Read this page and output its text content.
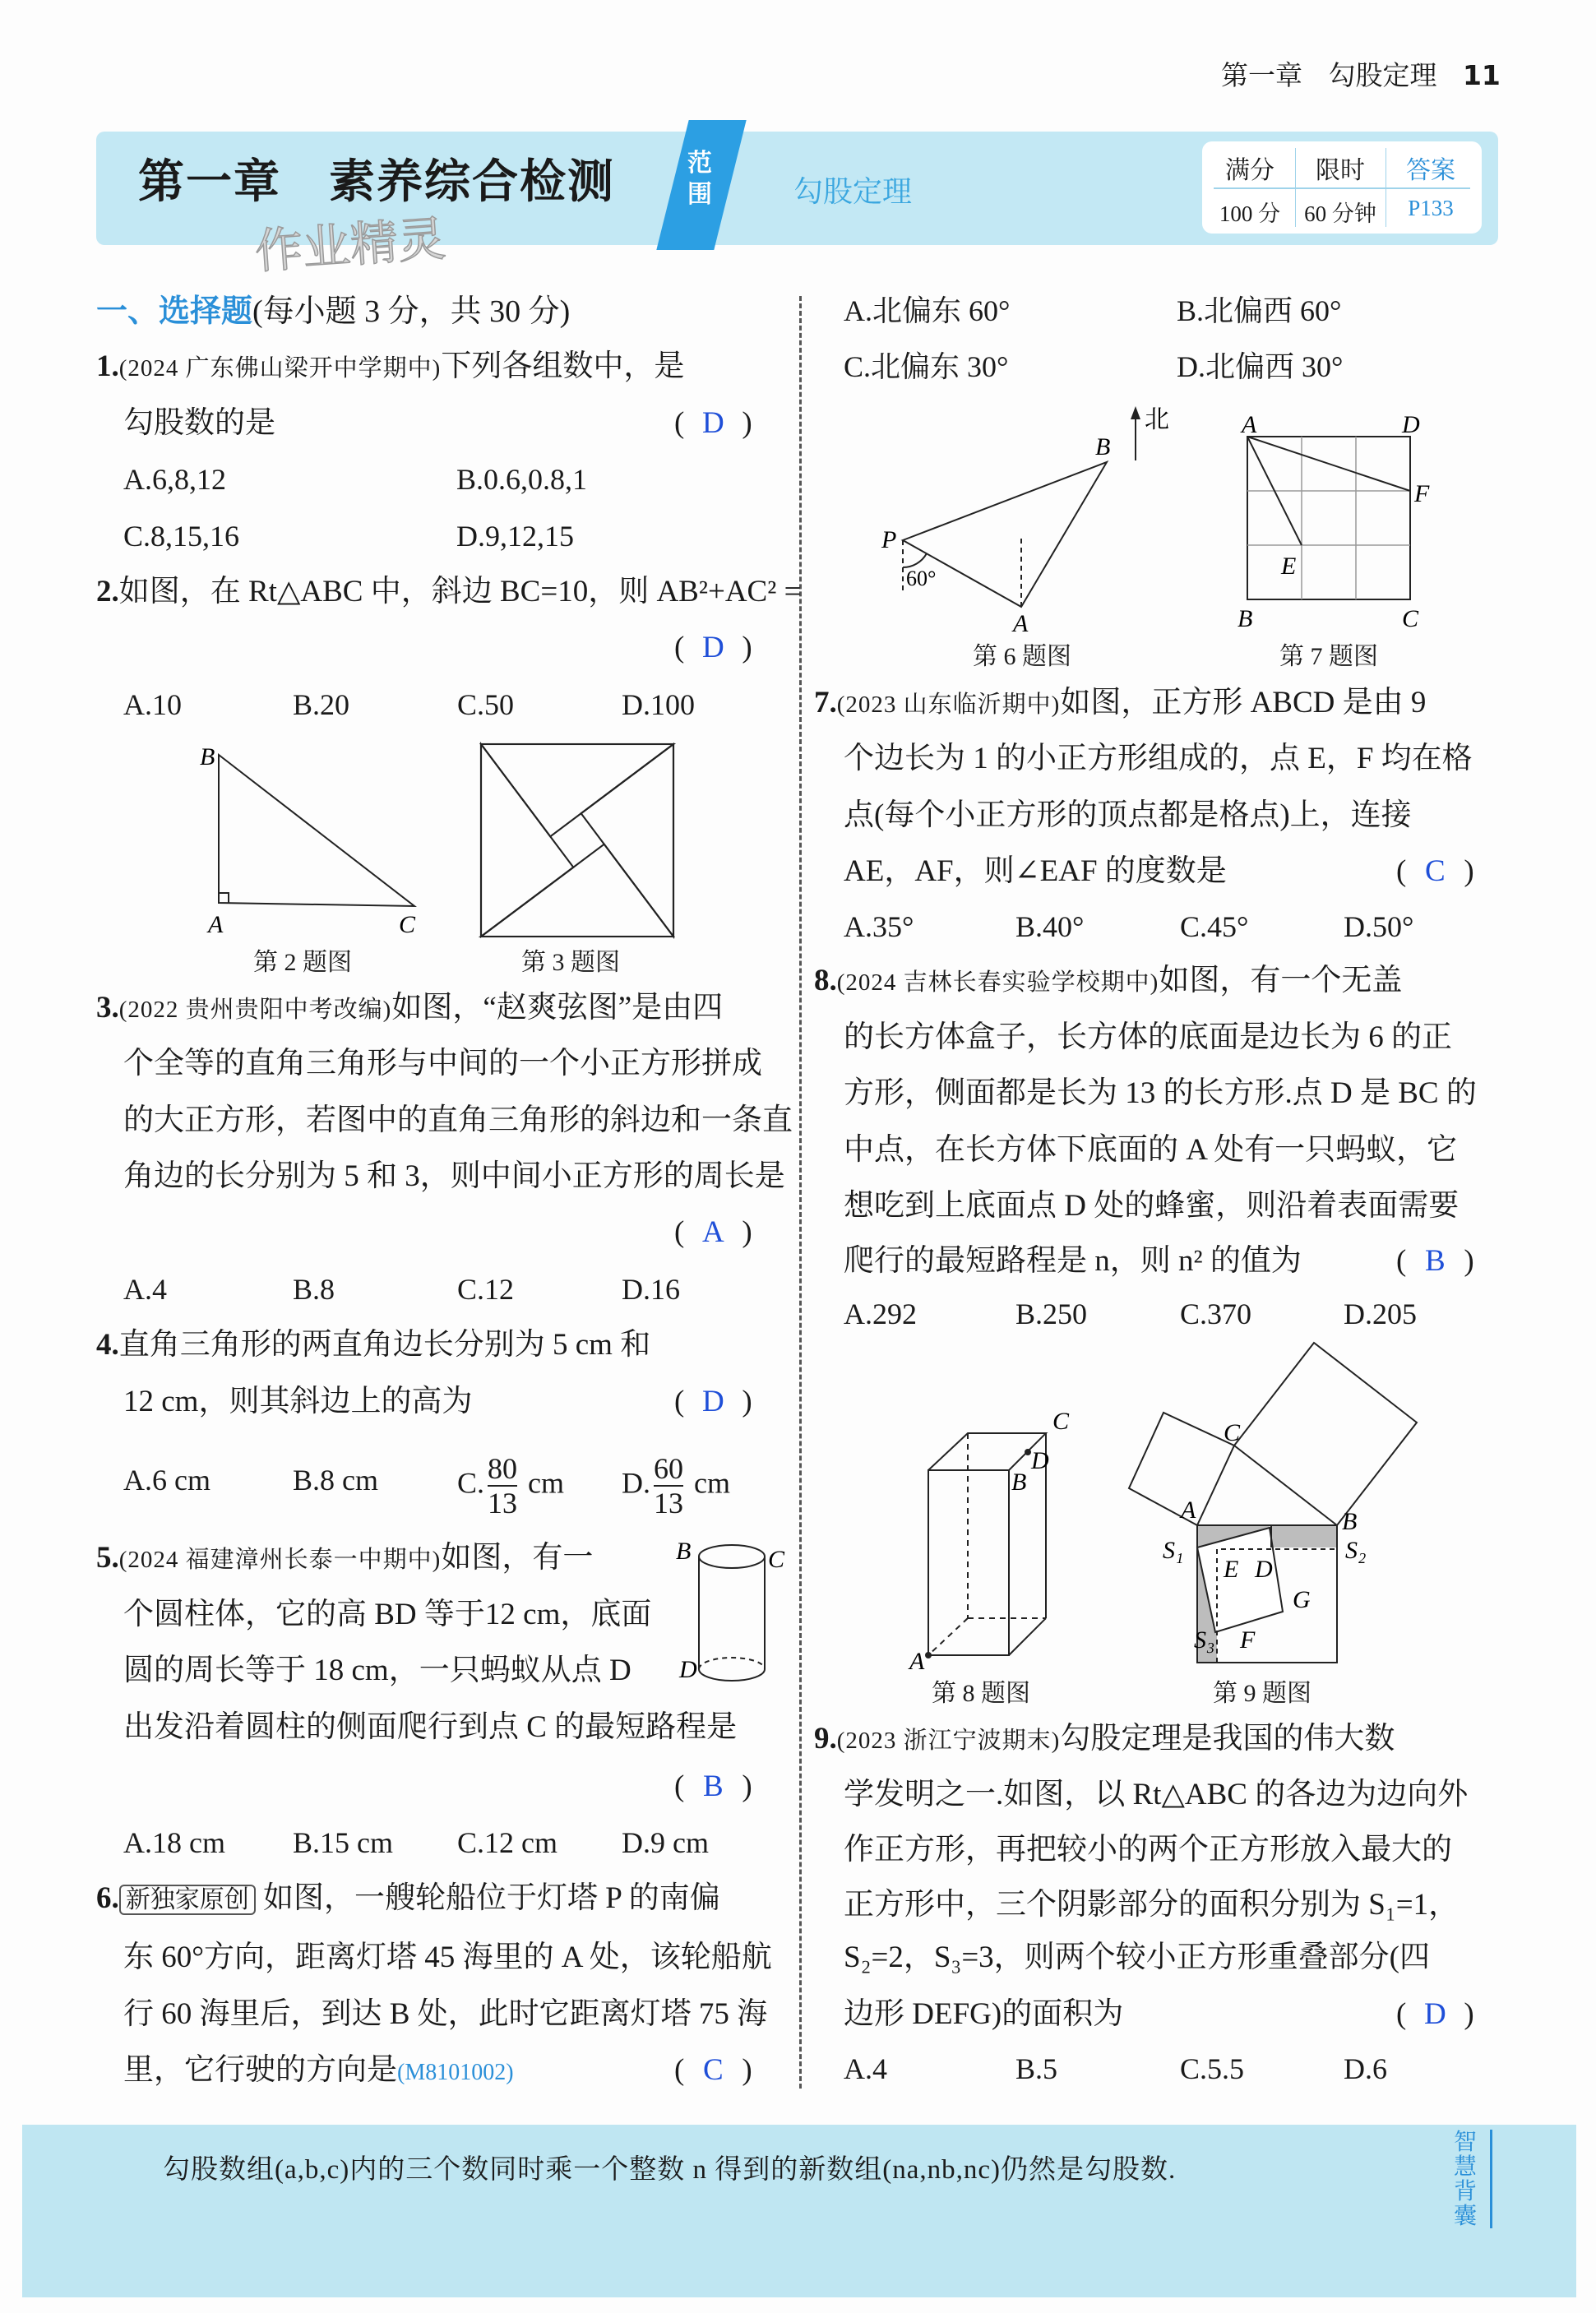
第一章 勾股定理 11
第一章　素养综合检测	范围	勾股定理
满分	限时	答案
100 分	60 分钟	P133
作业精灵
一、选择题(每小题 3 分，共 30 分)
1.(2024 广东佛山梁开中学期中)下列各组数中，是
勾股数的是	( D )
A.6,8,12	B.0.6,0.8,1
C.8,15,16	D.9,12,15
2.如图，在 Rt△ABC 中，斜边 BC=10，则 AB²+AC² =
( D )
A.10	B.20	C.50	D.100
B
A	C
第 2 题图	第 3 题图
3.(2022 贵州贵阳中考改编)如图，“赵爽弦图”是由四
个全等的直角三角形与中间的一个小正方形拼成
的大正方形，若图中的直角三角形的斜边和一条直
角边的长分别为 5 和 3，则中间小正方形的周长是
( A )
A.4	B.8	C.12	D.16
4.直角三角形的两直角边长分别为 5 cm 和
12 cm，则其斜边上的高为	( D )
A.6 cm	B.8 cm	C. $\frac{80}{13}$ cm D. $\frac{60}{13}$ cm
5.(2024 福建漳州长泰一中期中)如图，有一
个圆柱体，它的高 BD 等于12 cm，底面
圆的周长等于 18 cm，一只蚂蚁从点 D
出发沿着圆柱的侧面爬行到点 C 的最短路程是
B	C
D
( B )
A.18 cm B.15 cm C.12 cm D.9 cm
6. 新独家原创 如图，一艘轮船位于灯塔 P 的南偏
东 60°方向，距离灯塔 45 海里的 A 处，该轮船航
行 60 海里后，到达 B 处，此时它距离灯塔 75 海
里，它行驶的方向是(M8101002)	( C )
A.北偏东 60°	B.北偏西 60°
C.北偏东 30°	D.北偏西 30°
P
A
B
60°
北
第 6 题图
A	D
F
E
B	C
第 7 题图
7.(2023 山东临沂期中)如图，正方形 ABCD 是由 9
个边长为 1 的小正方形组成的，点 E，F 均在格
点(每个小正方形的顶点都是格点)上，连接
AE，AF，则∠EAF 的度数是	( C )
A.35°	B.40°	C.45°	D.50°
8.(2024 吉林长春实验学校期中)如图，有一个无盖
的长方体盒子，长方体的底面是边长为 6 的正
方形，侧面都是长为 13 的长方形.点 D 是 BC 的
中点，在长方体下底面的 A 处有一只蚂蚁，它
想吃到上底面点 D 处的蜂蜜，则沿着表面需要
爬行的最短路程是 n，则 n² 的值为	( B )
A.292	B.250	C.370	D.205
A
B
C
D
第 8 题图
A	B
C
D
E
F
G
S₁	S₂
S₃
第 9 题图
9.(2023 浙江宁波期末)勾股定理是我国的伟大数
学发明之一.如图，以 Rt△ABC 的各边为边向外
作正方形，再把较小的两个正方形放入最大的
正方形中，三个阴影部分的面积分别为 S₁=1，
S₂=2，S₃=3，则两个较小正方形重叠部分(四
边形 DEFG)的面积为	( D )
A.4	B.5	C.5.5	D.6
勾股数组(a,b,c)内的三个数同时乘一个整数 n 得到的新数组(na,nb,nc)仍然是勾股数.
智慧背囊
